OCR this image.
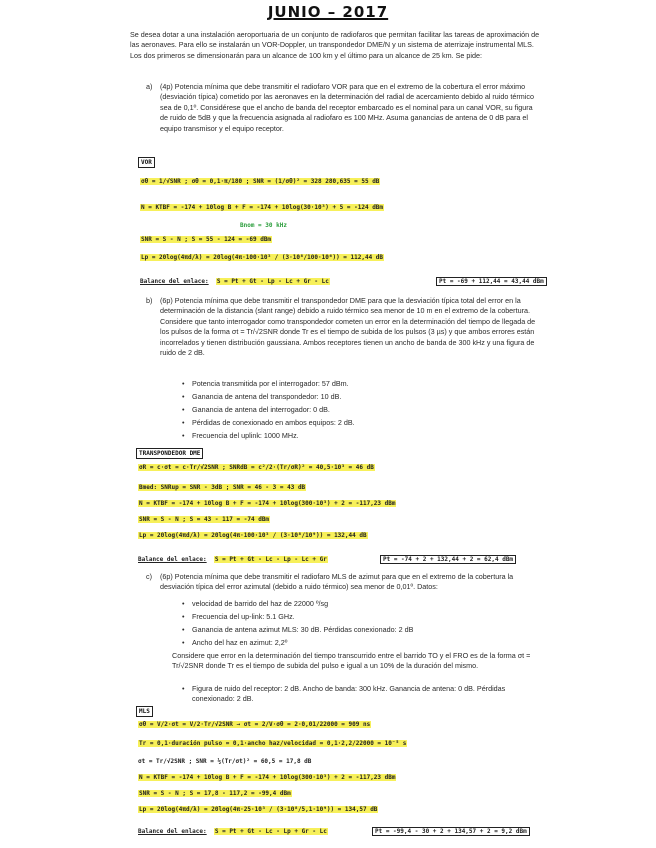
JUNIO – 2017
Se desea dotar a una instalación aeroportuaria de un conjunto de radiofaros que permitan facilitar las tareas de aproximación de las aeronaves. Para ello se instalarán un VOR-Doppler, un transpondedor DME/N y un sistema de aterrizaje instrumental MLS. Los dos primeros se dimensionarán para un alcance de 100 km y el último para un alcance de 25 km. Se pide:
a)	(4p) Potencia mínima que debe transmitir el radiofaro VOR para que en el extremo de la cobertura el error máximo (desviación típica) cometido por las aeronaves en la determinación del radial de acercamiento debido al ruido térmico sea de 0,1º. Considérese que el ancho de banda del receptor embarcado es el nominal para un canal VOR, su figura de ruido de 5dB y que la frecuencia asignada al radiofaro es 100 MHz. Asuma ganancias de antena de 0 dB para el equipo transmisor y el equipo receptor.
VOR
σθ = 1/√SNR ; σθ = 0,1·π/180 ; SNR = (1/σθ)² = 328 280,635 = 55 dB
N = KTBF = -174 + 10log B + F = -174 + 10log(30·10³) + 5 = -124 dBm
Bnom = 30 kHz
SNR = S - N ; S = 55 - 124 = -69 dBm
Lp = 20log(4πd/λ) = 20log(4π·100·10³ / (3·10⁸/100·10⁶)) = 112,44 dB
Balance del enlace: S = Pt + Gt - Lp - Lc + Gr - Lc	Pt = -69 + 112,44 = 43,44 dBm
b)	(6p) Potencia mínima que debe transmitir el transpondedor DME para que la desviación típica total del error en la determinación de la distancia (slant range) debido a ruido térmico sea menor de 10 m en el extremo de la cobertura. Considere que tanto interrogador como transpondedor cometen un error en la determinación del tiempo de llegada de los pulsos de la forma σt = Tr/√2SNR donde Tr es el tiempo de subida de los pulsos (3 µs) y que ambos errores están incorrelados y tienen distribución gaussiana. Ambos receptores tienen un ancho de banda de 300 kHz y una figura de ruido de 2 dB.
• Potencia transmitida por el interrogador: 57 dBm.
• Ganancia de antena del transpondedor: 10 dB.
• Ganancia de antena del interrogador: 0 dB.
• Pérdidas de conexionado en ambos equipos: 2 dB.
• Frecuencia del uplink: 1000 MHz.
TRANSPONDEDOR DME
σR = c·σt = c·Tr/√2SNR ; SNRdB = c²/2·(Tr/σR)² = 40,5·10³ = 46 dB
Bmed: SNRup = SNR - 3dB ; SNR = 46 - 3 = 43 dB
N = KTBF = -174 + 10log B + F = -174 + 10log(300·10³) + 2 = -117,23 dBm
SNR = S - N ; S = 43 - 117 = -74 dBm
Lp = 20log(4πd/λ) = 20log(4π·100·10³ / (3·10⁸/10⁹)) = 132,44 dB
Balance del enlace: S = Pt + Gt - Lc - Lp - Lc + Gr	Pt = -74 + 2 + 132,44 + 2 = 62,4 dBm
c)	(6p) Potencia mínima que debe transmitir el radiofaro MLS de azimut para que en el extremo de la cobertura la desviación típica del error azimutal (debido a ruido térmico) sea menor de 0,01º. Datos:
• velocidad de barrido del haz de 22000 º/sg
• Frecuencia del up-link: 5.1 GHz.
• Ganancia de antena azimut MLS: 30 dB. Pérdidas conexionado: 2 dB
• Ancho del haz en azimut: 2,2º
Considere que error en la determinación del tiempo transcurrido entre el barrido TO y el FRO es de la forma σt = Tr/√2SNR donde Tr es el tiempo de subida del pulso e igual a un 10% de la duración del mismo.
• Figura de ruido del receptor: 2 dB. Ancho de banda: 300 kHz. Ganancia de antena: 0 dB. Pérdidas conexionado: 2 dB.
MLS
σθ = V/2·σt = V/2·Tr/√2SNR → σt = 2/V·σθ = 2·0,01/22000 = 909 ns
Tr = 0,1·duración pulso = 0,1·ancho haz/velocidad = 0,1·2,2/22000 = 10⁻⁵ s
σt = Tr/√2SNR ; SNR = ½(Tr/σt)² = 60,5 = 17,8 dB
N = KTBF = -174 + 10log B + F = -174 + 10log(300·10³) + 2 = -117,23 dBm
SNR = S - N ; S = 17,8 - 117,2 = -99,4 dBm
Lp = 20log(4πd/λ) = 20log(4π·25·10³ / (3·10⁸/5,1·10⁹)) = 134,57 dB
Balance del enlace: S = Pt + Gt - Lc - Lp + Gr - Lc	Pt = -99,4 - 30 + 2 + 134,57 + 2 = 9,2 dBm
